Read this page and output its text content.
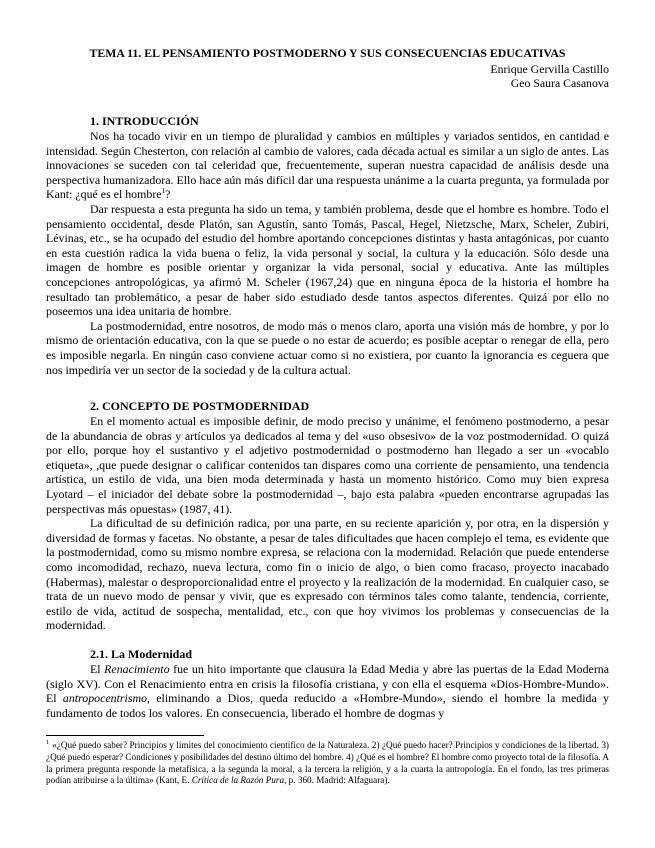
TEMA 11. EL PENSAMIENTO POSTMODERNO Y SUS CONSECUENCIAS EDUCATIVAS
Enrique Gervilla Castillo
Geo Saura Casanova
1. INTRODUCCIÓN

Nos ha tocado vivir en un tiempo de pluralidad y cambios en múltiples y variados sentidos, en cantidad e intensidad. Según Chesterton, con relación al cambio de valores, cada década actual es similar a un siglo de antes. Las innovaciones se suceden con tal celeridad que, frecuentemente, superan nuestra capacidad de análisis desde una perspectiva humanizadora. Ello hace aún más difícil dar una respuesta unánime a la cuarta pregunta, ya formulada por Kant: ¿qué es el hombre$^1$?

Dar respuesta a esta pregunta ha sido un tema, y también problema, desde que el hombre es hombre. Todo el pensamiento occidental, desde Platón, san Agustín, santo Tomás, Pascal, Hegel, Nietzsche, Marx, Scheler, Zubiri, Lévinas, etc., se ha ocupado del estudio del hombre aportando concepciones distintas y hasta antagónicas, por cuanto en esta cuestión radica la vida buena o feliz, la vida personal y social, la cultura y la educación. Sólo desde una imagen de hombre es posible orientar y organizar la vida personal, social y educativa. Ante las múltiples concepciones antropológicas, ya afirmó M. Scheler (1967,24) que en ninguna época de la historia el hombre ha resultado tan problemático, a pesar de haber sido estudiado desde tantos aspectos diferentes. Quizá por ello no poseemos una idea unitaria de hombre.

La postmodernidad, entre nosotros, de modo más o menos claro, aporta una visión más de hombre, y por lo mismo de orientación educativa, con la que se puede o no estar de acuerdo; es posible aceptar o renegar de ella, pero es imposible negarla. En ningún caso conviene actuar como si no existiera, por cuanto la ignorancia es ceguera que nos impediría ver un sector de la sociedad y de la cultura actual.

2. CONCEPTO DE POSTMODERNIDAD

En el momento actual es imposible definir, de modo preciso y unánime, el fenómeno postmoderno, a pesar de la abundancia de obras y artículos ya dedicados al tema y del «uso obsesivo» de la voz postmodernidad. O quizá por ello, porque hoy el sustantivo y el adjetivo postmodernidad o postmoderno han llegado a ser un «vocablo etiqueta», ,que puede designar o calificar contenidos tan dispares como una corriente de pensamiento, una tendencia artística, un estilo de vida, una bien moda determinada y hasta un momento histórico. Como muy bien expresa Lyotard – el iniciador del debate sobre la postmodernidad –, bajo esta palabra «pueden encontrarse agrupadas las perspectivas más opuestas» (1987, 41).

La dificultad de su definición radica, por una parte, en su reciente aparición y, por otra, en la dispersión y diversidad de formas y facetas. No obstante, a pesar de tales dificultades que hacen complejo el tema, es evidente que la postmodernidad, como su mismo nombre expresa, se relaciona con la modernidad. Relación que puede entenderse como incomodidad, rechazo, nueva lectura, como fin o inicio de algo, o bien como fracaso, proyecto inacabado (Habermas), malestar o desproporcionalidad entre el proyecto y la realización de la modernidad. En cualquier caso, se trata de un nuevo modo de pensar y vivir, que es expresado con términos tales como talante, tendencia, corriente, estilo de vida, actitud de sospecha, mentalidad, etc., con que hoy vivimos los problemas y consecuencias de la modernidad.

2.1. La Modernidad

El Renacimiento fue un hito importante que clausura la Edad Media y abre las puertas de la Edad Moderna (siglo XV). Con el Renacimiento entra en crisis la filosofía cristiana, y con ella el esquema «Dios-Hombre-Mundo». El antropocentrismo, eliminando a Dios, queda reducido a «Hombre-Mundo», siendo el hombre la medida y fundamento de todos los valores. En consecuencia, liberado el hombre de dogmas y

$^1$ «¿Qué puedo saber? Principios y límites del conocimiento científico de la Naturaleza. 2) ¿Qué puedo hacer? Principios y condiciones de la libertad. 3) ¿Qué puedo esperar? Condiciones y posibilidades del destino último del hombre. 4) ¿Qué es el hombre? El hombre como proyecto total de la filosofía. A la primera pregunta responde la metafísica, a la segunda la moral, a la tercera la religión, y a la cuarta la antropología. En el fondo, las tres primeras podían atribuirse a la última» (Kant, E. Crítica de la Razón Pura, p. 360. Madrid: Alfaguara).
